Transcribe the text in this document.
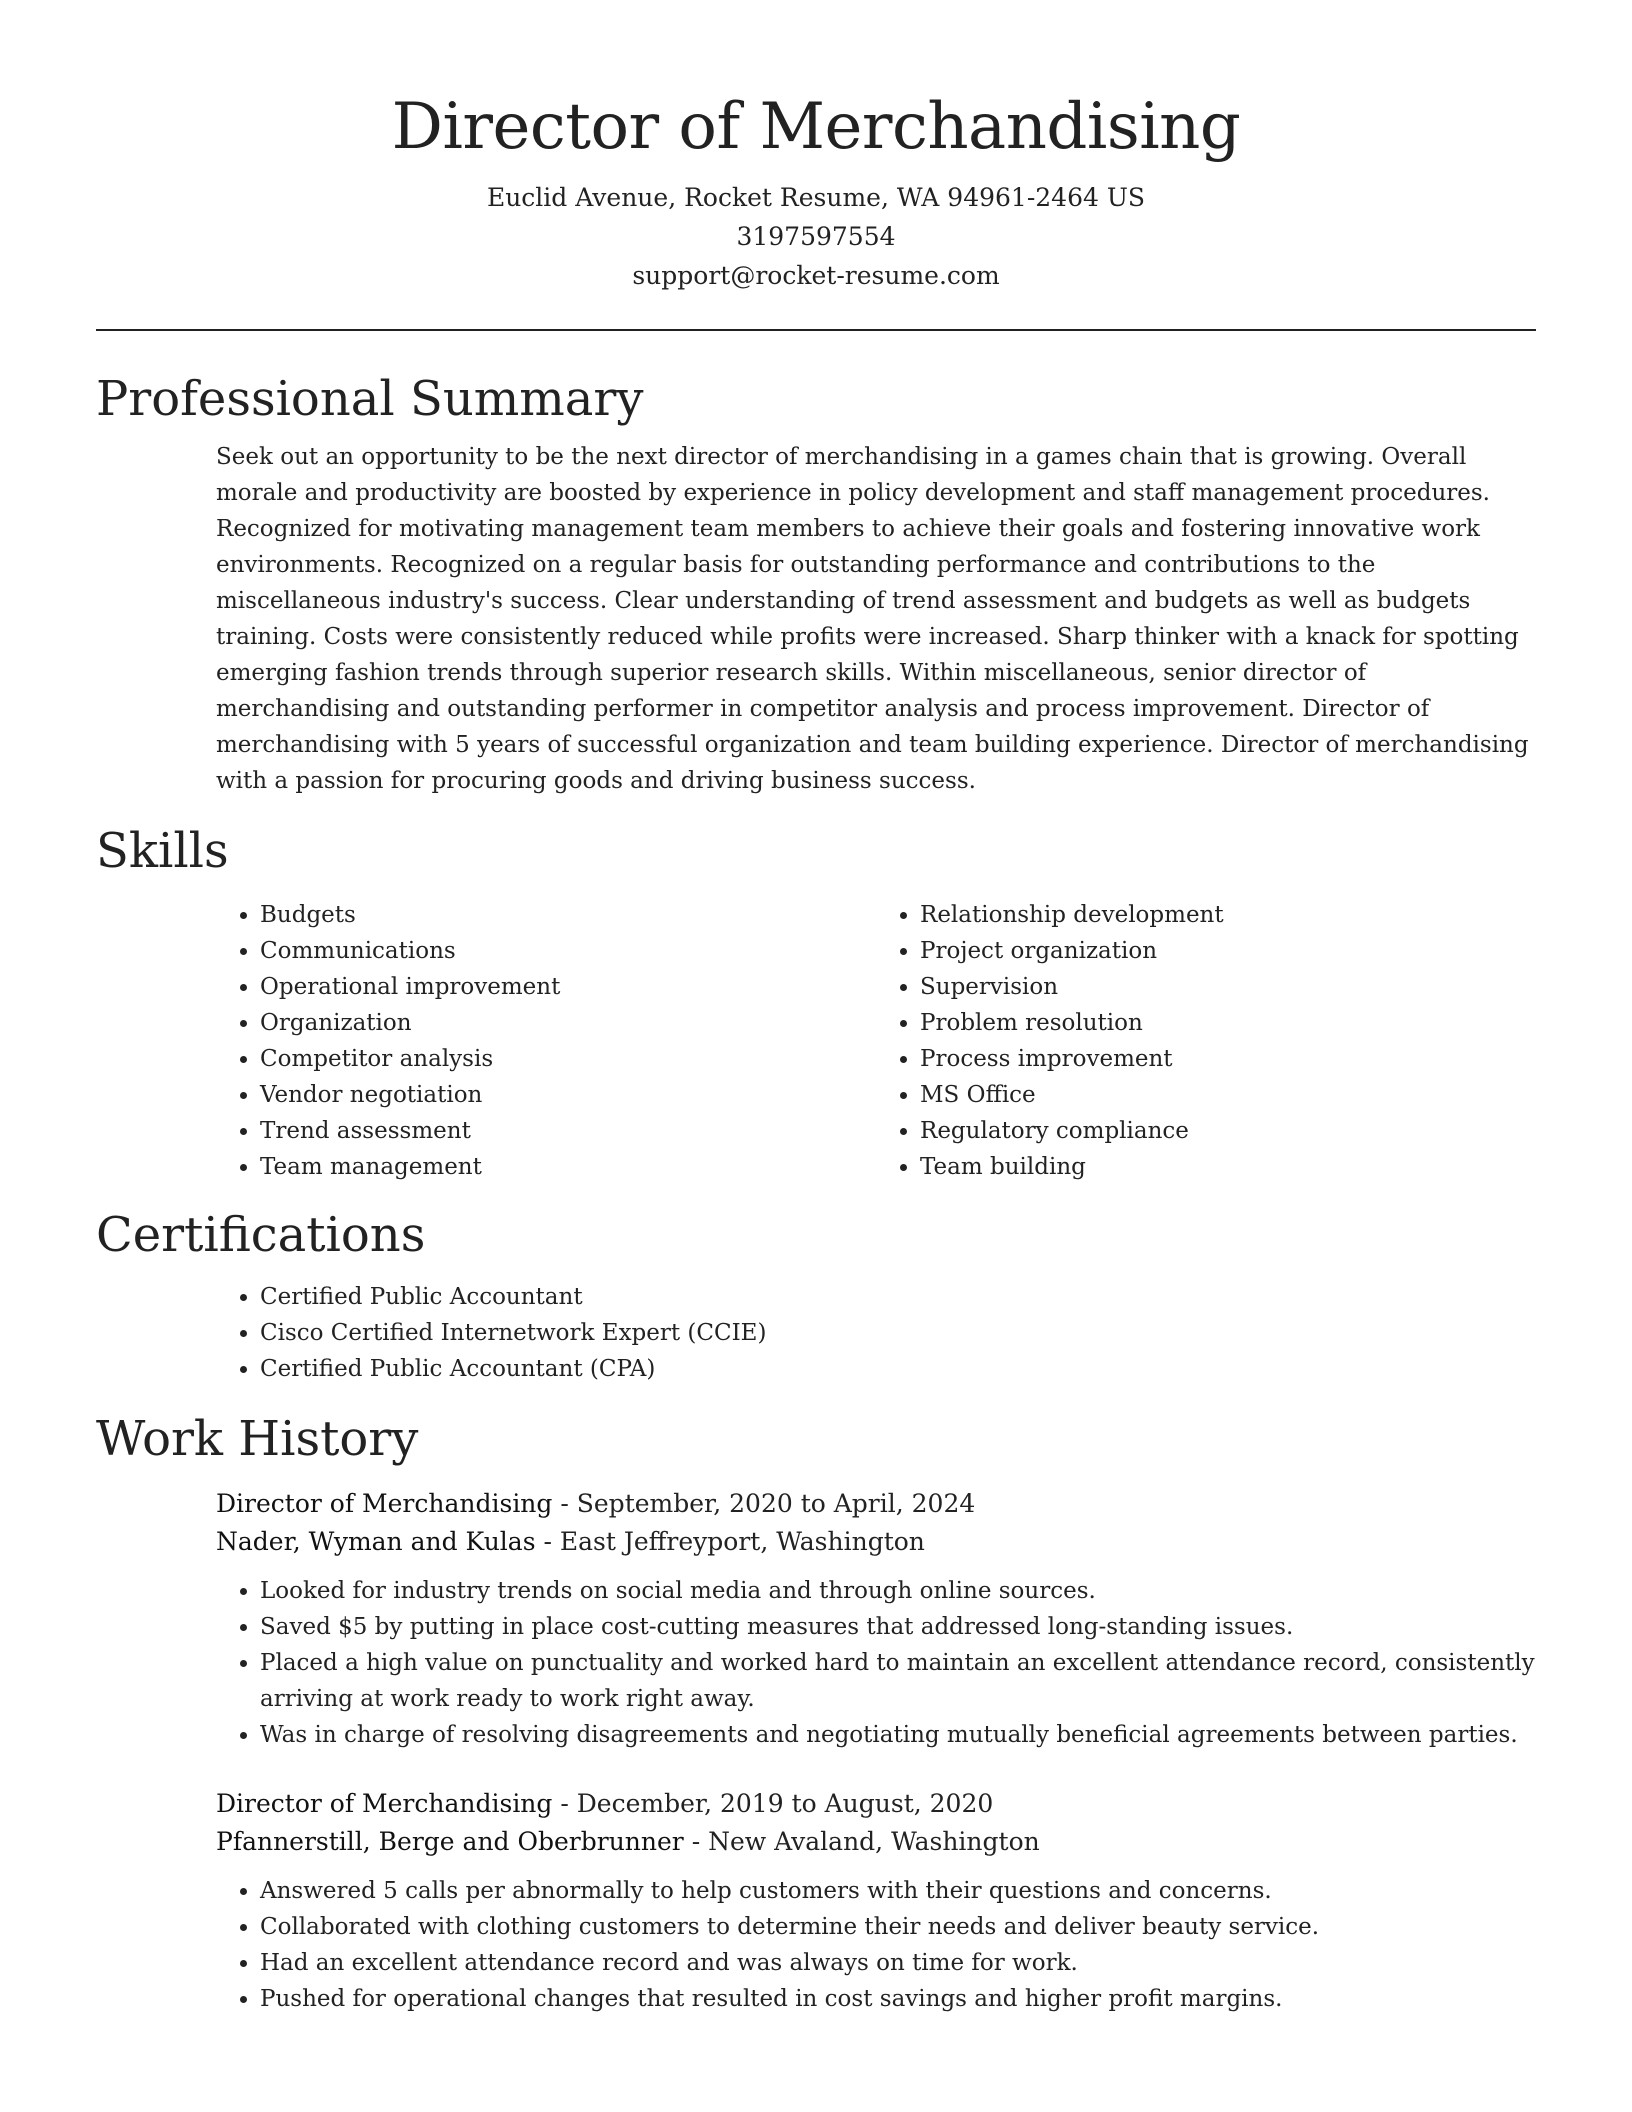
Director of Merchandising
Euclid Avenue, Rocket Resume, WA 94961-2464 US
3197597554
support@rocket-resume.com
Professional Summary
Seek out an opportunity to be the next director of merchandising in a games chain that is growing. Overall morale and productivity are boosted by experience in policy development and staff management procedures. Recognized for motivating management team members to achieve their goals and fostering innovative work environments. Recognized on a regular basis for outstanding performance and contributions to the miscellaneous industry's success. Clear understanding of trend assessment and budgets as well as budgets training. Costs were consistently reduced while profits were increased. Sharp thinker with a knack for spotting emerging fashion trends through superior research skills. Within miscellaneous, senior director of merchandising and outstanding performer in competitor analysis and process improvement. Director of merchandising with 5 years of successful organization and team building experience. Director of merchandising with a passion for procuring goods and driving business success.
Skills
• Budgets
• Communications
• Operational improvement
• Organization
• Competitor analysis
• Vendor negotiation
• Trend assessment
• Team management
• Relationship development
• Project organization
• Supervision
• Problem resolution
• Process improvement
• MS Office
• Regulatory compliance
• Team building
Certifications
• Certified Public Accountant
• Cisco Certified Internetwork Expert (CCIE)
• Certified Public Accountant (CPA)
Work History
Director of Merchandising - September, 2020 to April, 2024
Nader, Wyman and Kulas - East Jeffreyport, Washington
• Looked for industry trends on social media and through online sources.
• Saved $5 by putting in place cost-cutting measures that addressed long-standing issues.
• Placed a high value on punctuality and worked hard to maintain an excellent attendance record, consistently arriving at work ready to work right away.
• Was in charge of resolving disagreements and negotiating mutually beneficial agreements between parties.
Director of Merchandising - December, 2019 to August, 2020
Pfannerstill, Berge and Oberbrunner - New Avaland, Washington
• Answered 5 calls per abnormally to help customers with their questions and concerns.
• Collaborated with clothing customers to determine their needs and deliver beauty service.
• Had an excellent attendance record and was always on time for work.
• Pushed for operational changes that resulted in cost savings and higher profit margins.
